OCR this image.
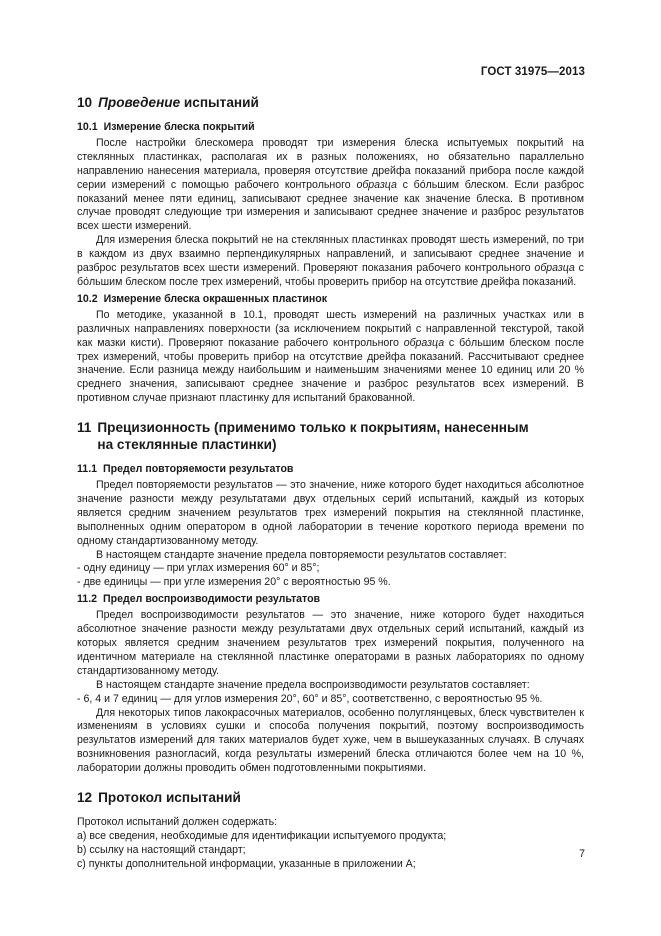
ГОСТ 31975—2013
10 Проведение испытаний
10.1 Измерение блеска покрытий

После настройки блескомера проводят три измерения блеска испытуемых покрытий на стеклянных пластинках, располагая их в разных положениях, но обязательно параллельно направлению нанесения материала, проверяя отсутствие дрейфа показаний прибора после каждой серии измерений с помощью рабочего контрольного образца с бо́льшим блеском. Если разброс показаний менее пяти единиц, записывают среднее значение как значение блеска. В противном случае проводят следующие три измерения и записывают среднее значение и разброс результатов всех шести измерений.

Для измерения блеска покрытий не на стеклянных пластинках проводят шесть измерений, по три в каждом из двух взаимно перпендикулярных направлений, и записывают среднее значение и разброс результатов всех шести измерений. Проверяют показания рабочего контрольного образца с бо́льшим блеском после трех измерений, чтобы проверить прибор на отсутствие дрейфа показаний.

10.2 Измерение блеска окрашенных пластинок

По методике, указанной в 10.1, проводят шесть измерений на различных участках или в различных направлениях поверхности (за исключением покрытий с направленной текстурой, такой как мазки кисти). Проверяют показание рабочего контрольного образца с бо́льшим блеском после трех измерений, чтобы проверить прибор на отсутствие дрейфа показаний. Рассчитывают среднее значение. Если разница между наибольшим и наименьшим значениями менее 10 единиц или 20 % среднего значения, записывают среднее значение и разброс результатов всех измерений. В противном случае признают пластинку для испытаний бракованной.

11 Прецизионность (применимо только к покрытиям, нанесенным на стеклянные пластинки)
11.1 Предел повторяемости результатов

Предел повторяемости результатов — это значение, ниже которого будет находиться абсолютное значение разности между результатами двух отдельных серий испытаний, каждый из которых является средним значением результатов трех измерений покрытия на стеклянной пластинке, выполненных одним оператором в одной лаборатории в течение короткого периода времени по одному стандартизованному методу.

В настоящем стандарте значение предела повторяемости результатов составляет:

- одну единицу — при углах измерения 60° и 85°;

- две единицы — при угле измерения 20° с вероятностью 95 %.

11.2 Предел воспроизводимости результатов

Предел воспроизводимости результатов — это значение, ниже которого будет находиться абсолютное значение разности между результатами двух отдельных серий испытаний, каждый из которых является средним значением результатов трех измерений покрытия, полученного на идентичном материале на стеклянной пластинке операторами в разных лабораториях по одному стандартизованному методу.

В настоящем стандарте значение предела воспроизводимости результатов составляет:

- 6, 4 и 7 единиц — для углов измерения 20°, 60° и 85°, соответственно, с вероятностью 95 %.

Для некоторых типов лакокрасочных материалов, особенно полуглянцевых, блеск чувствителен к изменениям в условиях сушки и способа получения покрытий, поэтому воспроизводимость результатов измерений для таких материалов будет хуже, чем в вышеуказанных случаях. В случаях возникновения разногласий, когда результаты измерений блеска отличаются более чем на 10 %, лаборатории должны проводить обмен подготовленными покрытиями.

12 Протокол испытаний

Протокол испытаний должен содержать:

а) все сведения, необходимые для идентификации испытуемого продукта;

b) ссылку на настоящий стандарт;

c) пункты дополнительной информации, указанные в приложении А;

7
